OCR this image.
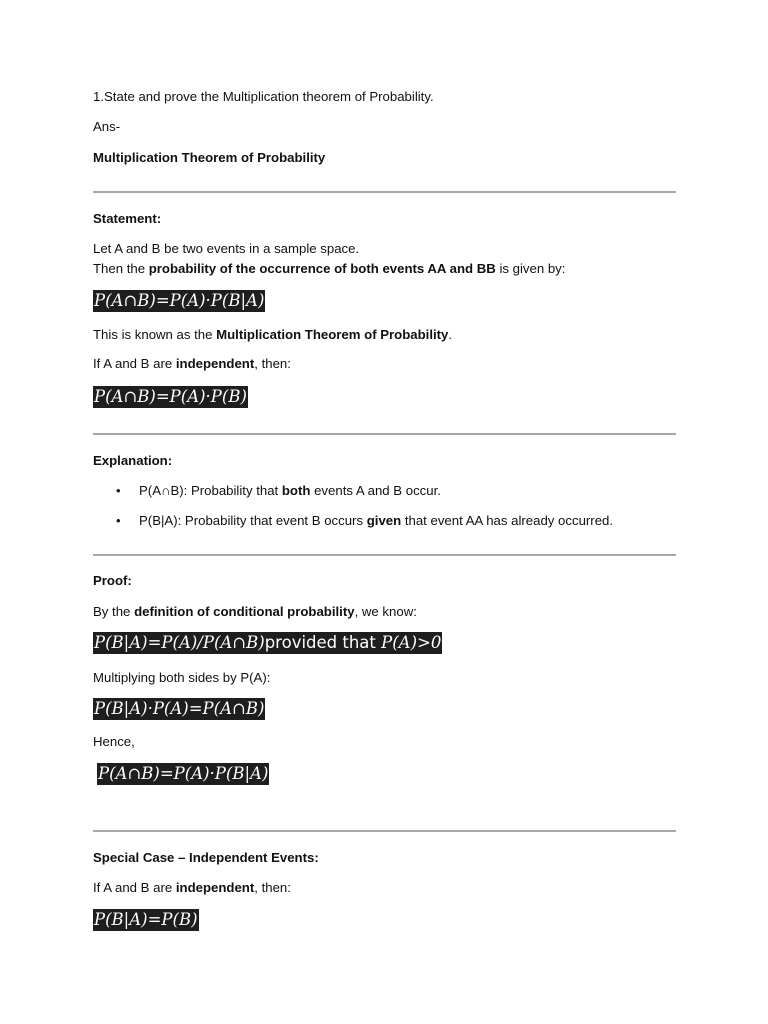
1.State and prove the Multiplication theorem of Probability.
Ans-
Multiplication Theorem of Probability
Statement:
Let A and B be two events in a sample space.
Then the probability of the occurrence of both events AA and BB is given by:
P(A∩B)=P(A)·P(B|A)
This is known as the Multiplication Theorem of Probability.
If A and B are independent, then:
P(A∩B)=P(A)·P(B)
Explanation:
• P(A∩B): Probability that both events A and B occur.
• P(B|A): Probability that event B occurs given that event AA has already occurred.
Proof:
By the definition of conditional probability, we know:
P(B|A)=P(A)/P(A∩B)provided that P(A)>0
Multiplying both sides by P(A):
P(B|A)·P(A)=P(A∩B)
Hence,
P(A∩B)=P(A)·P(B|A)
Special Case – Independent Events:
If A and B are independent, then:
P(B|A)=P(B)
